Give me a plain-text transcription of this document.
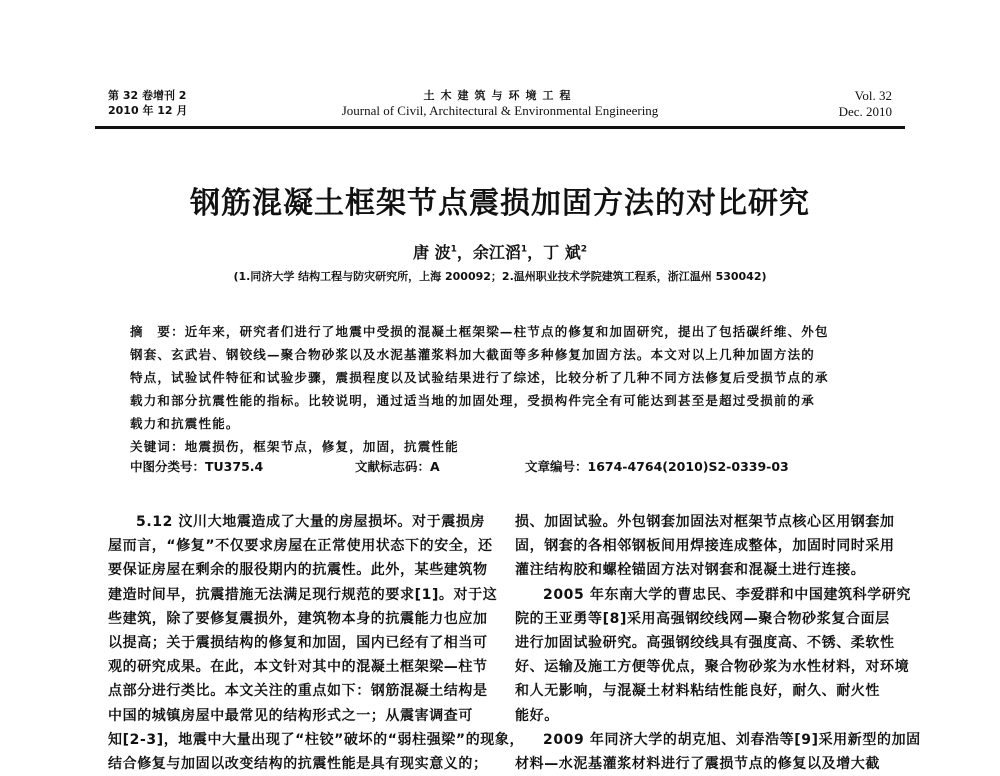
第 32 卷增刊 2
2010 年 12 月
土木建筑与环境工程
Journal of Civil, Architectural & Environmental Engineering
Vol. 32
Dec. 2010
钢筋混凝土框架节点震损加固方法的对比研究
唐 波$^1$，余江滔$^1$，丁 斌$^2$
(1.同济大学 结构工程与防灾研究所，上海 200092；2.温州职业技术学院建筑工程系，浙江温州 530042)
摘　要：近年来，研究者们进行了地震中受损的混凝土框架梁—柱节点的修复和加固研究，提出了包括碳纤维、外包
钢套、玄武岩、钢铰线—聚合物砂浆以及水泥基灌浆料加大截面等多种修复加固方法。本文对以上几种加固方法的
特点，试验试件特征和试验步骤，震损程度以及试验结果进行了综述，比较分析了几种不同方法修复后受损节点的承
载力和部分抗震性能的指标。比较说明，通过适当地的加固处理，受损构件完全有可能达到甚至是超过受损前的承
载力和抗震性能。
关键词：地震损伤，框架节点，修复，加固，抗震性能
中图分类号：TU375.4	文献标志码：A	文章编号：1674-4764(2010)S2-0339-03
5.12 汶川大地震造成了大量的房屋损坏。对于震损房
屋而言，“修复”不仅要求房屋在正常使用状态下的安全，还
要保证房屋在剩余的服役期内的抗震性。此外，某些建筑物
建造时间早，抗震措施无法满足现行规范的要求[1]。对于这
些建筑，除了要修复震损外，建筑物本身的抗震能力也应加
以提高；关于震损结构的修复和加固，国内已经有了相当可
观的研究成果。在此，本文针对其中的混凝土框架梁—柱节
点部分进行类比。本文关注的重点如下：钢筋混凝土结构是
中国的城镇房屋中最常见的结构形式之一；从震害调查可
知[2-3]，地震中大量出现了“柱铰”破坏的“弱柱强梁”的现象，
结合修复与加固以改变结构的抗震性能是具有现实意义的；
损、加固试验。外包钢套加固法对框架节点核心区用钢套加
固，钢套的各相邻钢板间用焊接连成整体，加固时同时采用
灌注结构胶和螺栓锚固方法对钢套和混凝土进行连接。
2005 年东南大学的曹忠民、李爱群和中国建筑科学研究
院的王亚勇等[8]采用高强钢绞线网—聚合物砂浆复合面层
进行加固试验研究。高强钢绞线具有强度高、不锈、柔软性
好、运输及施工方便等优点，聚合物砂浆为水性材料，对环境
和人无影响，与混凝土材料粘结性能良好，耐久、耐火性
能好。
2009 年同济大学的胡克旭、刘春浩等[9]采用新型的加固
材料—水泥基灌浆材料进行了震损节点的修复以及增大截
